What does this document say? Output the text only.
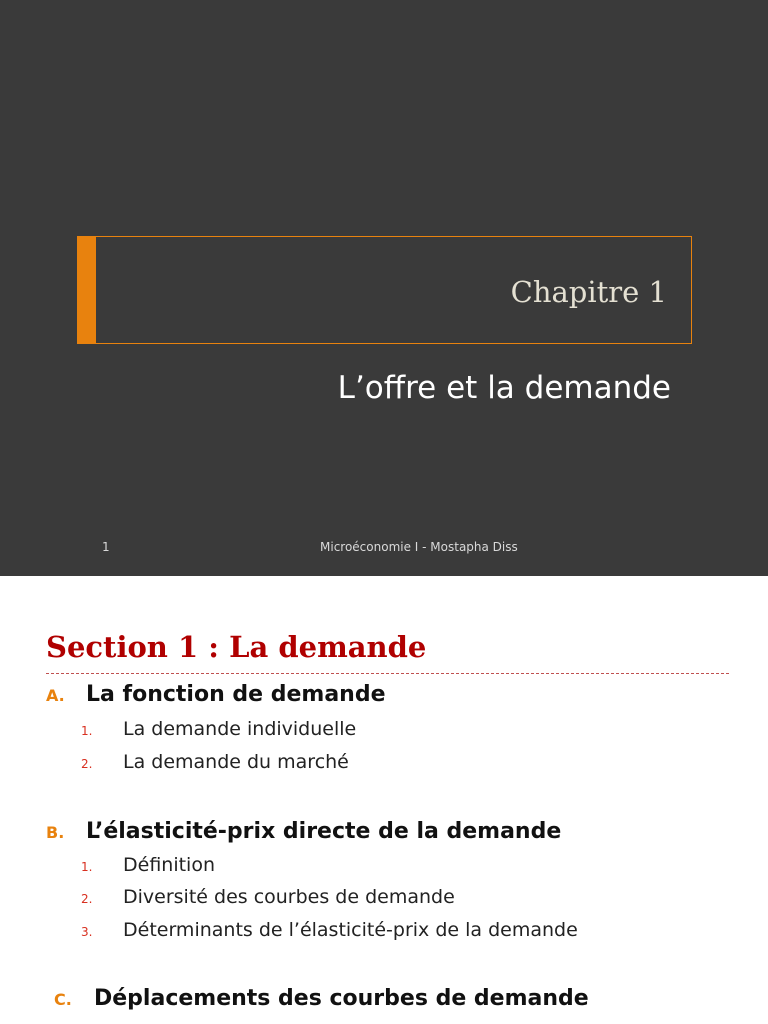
Chapitre 1
L’offre et la demande
1	Microéconomie I - Mostapha Diss
Section 1 : La demande
A. La fonction de demande
1.	La demande individuelle
2.	La demande du marché
B. L’élasticité-prix directe de la demande
1.	Définition
2.	Diversité des courbes de demande
3.	Déterminants de l’élasticité-prix de la demande
C.	Déplacements des courbes de demande
